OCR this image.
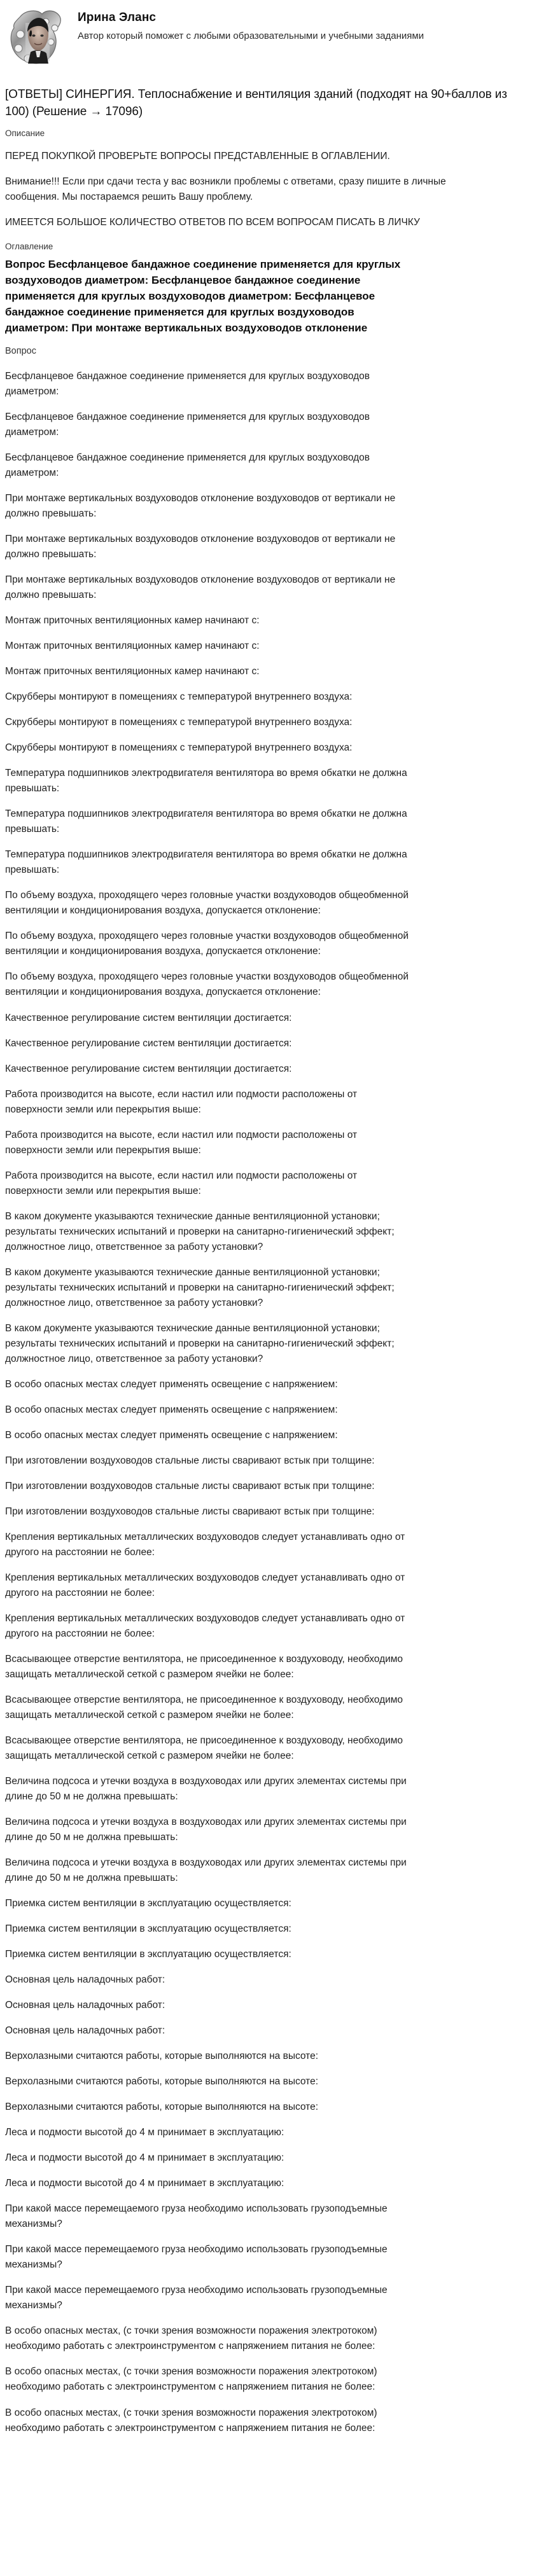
Ирина Эланс
Автор который поможет с любыми образовательными и учебными заданиями
[ОТВЕТЫ] СИНЕРГИЯ. Теплоснабжение и вентиляция зданий (подходят на 90+баллов из 100) (Решение → 17096)
Описание
ПЕРЕД ПОКУПКОЙ ПРОВЕРЬТЕ ВОПРОСЫ ПРЕДСТАВЛЕННЫЕ В ОГЛАВЛЕНИИ.
Внимание!!! Если при сдачи теста у вас возникли проблемы с ответами, сразу пишите в личные сообщения. Мы постараемся решить Вашу проблему.
ИМЕЕТСЯ БОЛЬШОЕ КОЛИЧЕСТВО ОТВЕТОВ ПО ВСЕМ ВОПРОСАМ ПИСАТЬ В ЛИЧКУ
Оглавление
Вопрос Бесфланцевое бандажное соединение применяется для круглых воздуховодов диаметром: Бесфланцевое бандажное соединение применяется для круглых воздуховодов диаметром: Бесфланцевое бандажное соединение применяется для круглых воздуховодов диаметром: При монтаже вертикальных воздуховодов отклонение
Вопрос
Бесфланцевое бандажное соединение применяется для круглых воздуховодов диаметром:
Бесфланцевое бандажное соединение применяется для круглых воздуховодов диаметром:
Бесфланцевое бандажное соединение применяется для круглых воздуховодов диаметром:
При монтаже вертикальных воздуховодов отклонение воздуховодов от вертикали не должно превышать:
При монтаже вертикальных воздуховодов отклонение воздуховодов от вертикали не должно превышать:
При монтаже вертикальных воздуховодов отклонение воздуховодов от вертикали не должно превышать:
Монтаж приточных вентиляционных камер начинают с:
Монтаж приточных вентиляционных камер начинают с:
Монтаж приточных вентиляционных камер начинают с:
Скрубберы монтируют в помещениях с температурой внутреннего воздуха:
Скрубберы монтируют в помещениях с температурой внутреннего воздуха:
Скрубберы монтируют в помещениях с температурой внутреннего воздуха:
Температура подшипников электродвигателя вентилятора во время обкатки не должна превышать:
Температура подшипников электродвигателя вентилятора во время обкатки не должна превышать:
Температура подшипников электродвигателя вентилятора во время обкатки не должна превышать:
По объему воздуха, проходящего через головные участки воздуховодов общеобменной вентиляции и кондиционирования воздуха, допускается отклонение:
По объему воздуха, проходящего через головные участки воздуховодов общеобменной вентиляции и кондиционирования воздуха, допускается отклонение:
По объему воздуха, проходящего через головные участки воздуховодов общеобменной вентиляции и кондиционирования воздуха, допускается отклонение:
Качественное регулирование систем вентиляции достигается:
Качественное регулирование систем вентиляции достигается:
Качественное регулирование систем вентиляции достигается:
Работа производится на высоте, если настил или подмости расположены от поверхности земли или перекрытия выше:
Работа производится на высоте, если настил или подмости расположены от поверхности земли или перекрытия выше:
Работа производится на высоте, если настил или подмости расположены от поверхности земли или перекрытия выше:
В каком документе указываются технические данные вентиляционной установки; результаты технических испытаний и проверки на санитарно-гигиенический эффект; должностное лицо, ответственное за работу установки?
В каком документе указываются технические данные вентиляционной установки; результаты технических испытаний и проверки на санитарно-гигиенический эффект; должностное лицо, ответственное за работу установки?
В каком документе указываются технические данные вентиляционной установки; результаты технических испытаний и проверки на санитарно-гигиенический эффект; должностное лицо, ответственное за работу установки?
В особо опасных местах следует применять освещение с напряжением:
В особо опасных местах следует применять освещение с напряжением:
В особо опасных местах следует применять освещение с напряжением:
При изготовлении воздуховодов стальные листы сваривают встык при толщине:
При изготовлении воздуховодов стальные листы сваривают встык при толщине:
При изготовлении воздуховодов стальные листы сваривают встык при толщине:
Крепления вертикальных металлических воздуховодов следует устанавливать одно от другого на расстоянии не более:
Крепления вертикальных металлических воздуховодов следует устанавливать одно от другого на расстоянии не более:
Крепления вертикальных металлических воздуховодов следует устанавливать одно от другого на расстоянии не более:
Всасывающее отверстие вентилятора, не присоединенное к воздуховоду, необходимо защищать металлической сеткой с размером ячейки не более:
Всасывающее отверстие вентилятора, не присоединенное к воздуховоду, необходимо защищать металлической сеткой с размером ячейки не более:
Всасывающее отверстие вентилятора, не присоединенное к воздуховоду, необходимо защищать металлической сеткой с размером ячейки не более:
Величина подсоса и утечки воздуха в воздуховодах или других элементах системы при длине до 50 м не должна превышать:
Величина подсоса и утечки воздуха в воздуховодах или других элементах системы при длине до 50 м не должна превышать:
Величина подсоса и утечки воздуха в воздуховодах или других элементах системы при длине до 50 м не должна превышать:
Приемка систем вентиляции в эксплуатацию осуществляется:
Приемка систем вентиляции в эксплуатацию осуществляется:
Приемка систем вентиляции в эксплуатацию осуществляется:
Основная цель наладочных работ:
Основная цель наладочных работ:
Основная цель наладочных работ:
Верхолазными считаются работы, которые выполняются на высоте:
Верхолазными считаются работы, которые выполняются на высоте:
Верхолазными считаются работы, которые выполняются на высоте:
Леса и подмости высотой до 4 м принимает в эксплуатацию:
Леса и подмости высотой до 4 м принимает в эксплуатацию:
Леса и подмости высотой до 4 м принимает в эксплуатацию:
При какой массе перемещаемого груза необходимо использовать грузоподъемные механизмы?
При какой массе перемещаемого груза необходимо использовать грузоподъемные механизмы?
При какой массе перемещаемого груза необходимо использовать грузоподъемные механизмы?
В особо опасных местах, (с точки зрения возможности поражения электротоком) необходимо работать с электроинструментом с напряжением питания не более:
В особо опасных местах, (с точки зрения возможности поражения электротоком) необходимо работать с электроинструментом с напряжением питания не более:
В особо опасных местах, (с точки зрения возможности поражения электротоком) необходимо работать с электроинструментом с напряжением питания не более:
